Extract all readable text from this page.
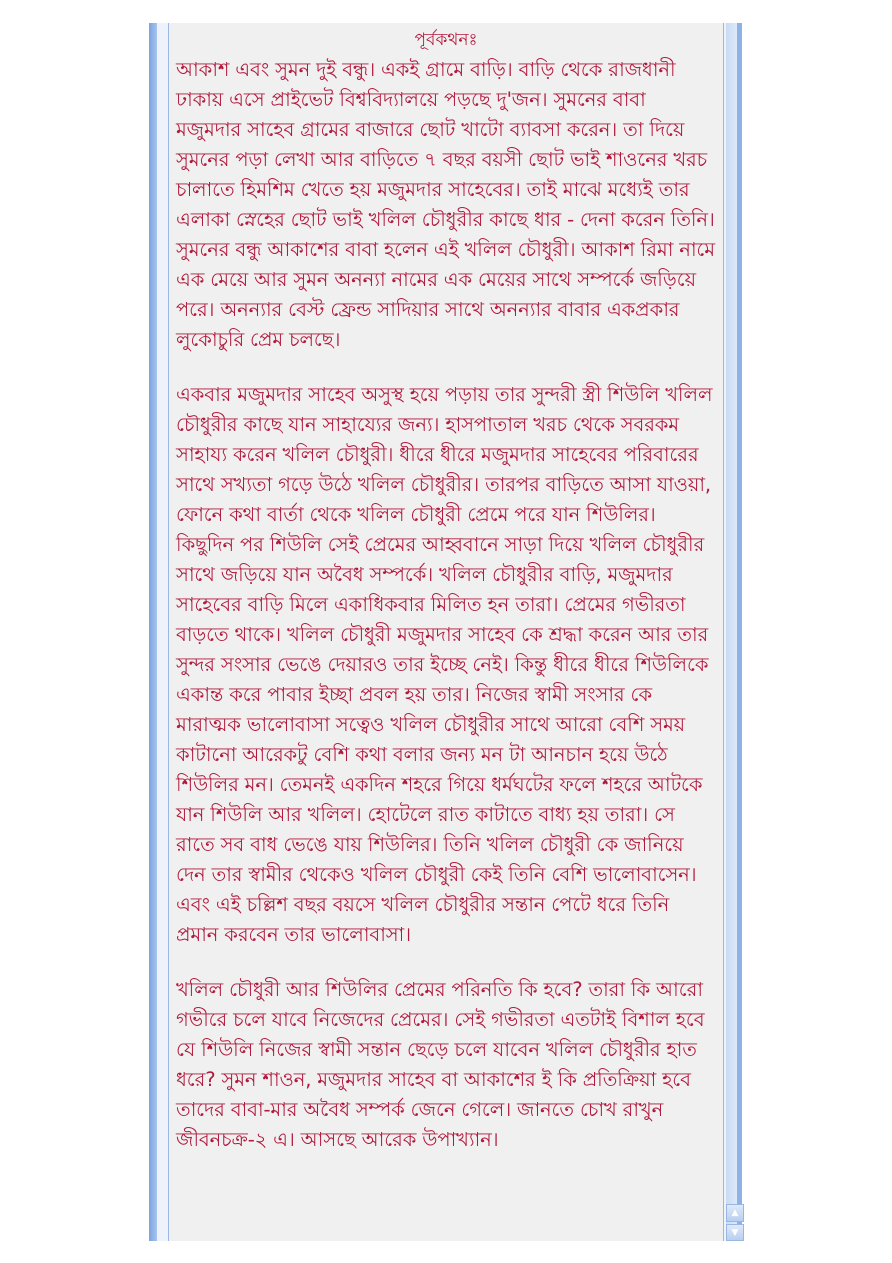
পূর্বকথনঃ

আকাশ এবং সুমন দুই বন্ধু। একই গ্রামে বাড়ি। বাড়ি থেকে রাজধানী ঢাকায় এসে প্রাইভেট বিশ্ববিদ্যালয়ে পড়ছে দু'জন। সুমনের বাবা মজুমদার সাহেব গ্রামের বাজারে ছোট খাটো ব্যাবসা করেন। তা দিয়ে সুমনের পড়া লেখা আর বাড়িতে ৭ বছর বয়সী ছোট ভাই শাওনের খরচ চালাতে হিমশিম খেতে হয় মজুমদার সাহেবের। তাই মাঝে মধ্যেই তার এলাকা স্নেহের ছোট ভাই খলিল চৌধুরীর কাছে ধার - দেনা করেন তিনি। সুমনের বন্ধু আকাশের বাবা হলেন এই খলিল চৌধুরী। আকাশ রিমা নামে এক মেয়ে আর সুমন অনন্যা নামের এক মেয়ের সাথে সম্পর্কে জড়িয়ে পরে। অনন্যার বেস্ট ফ্রেন্ড সাদিয়ার সাথে অনন্যার বাবার একপ্রকার লুকোচুরি প্রেম চলছে।

একবার মজুমদার সাহেব অসুস্থ হয়ে পড়ায় তার সুন্দরী স্ত্রী শিউলি খলিল চৌধুরীর কাছে যান সাহায্যের জন্য। হাসপাতাল খরচ থেকে সবরকম সাহায্য করেন খলিল চৌধুরী। ধীরে ধীরে মজুমদার সাহেবের পরিবারের সাথে সখ্যতা গড়ে উঠে খলিল চৌধুরীর। তারপর বাড়িতে আসা যাওয়া, ফোনে কথা বার্তা থেকে খলিল চৌধুরী প্রেমে পরে যান শিউলির। কিছুদিন পর শিউলি সেই প্রেমের আহ্ববানে সাড়া দিয়ে খলিল চৌধুরীর সাথে জড়িয়ে যান অবৈধ সম্পর্কে। খলিল চৌধুরীর বাড়ি, মজুমদার সাহেবের বাড়ি মিলে একাধিকবার মিলিত হন তারা। প্রেমের গভীরতা বাড়তে থাকে। খলিল চৌধুরী মজুমদার সাহেব কে শ্রদ্ধা করেন আর তার সুন্দর সংসার ভেঙে দেয়ারও তার ইচ্ছে নেই। কিন্তু ধীরে ধীরে শিউলিকে একান্ত করে পাবার ইচ্ছা প্রবল হয় তার। নিজের স্বামী সংসার কে মারাত্মক ভালোবাসা সত্বেও খলিল চৌধুরীর সাথে আরো বেশি সময় কাটানো আরেকটু বেশি কথা বলার জন্য মন টা আনচান হয়ে উঠে শিউলির মন। তেমনই একদিন শহরে গিয়ে ধর্মঘটের ফলে শহরে আটকে যান শিউলি আর খলিল। হোটেলে রাত কাটাতে বাধ্য হয় তারা। সে রাতে সব বাধ ভেঙে যায় শিউলির। তিনি খলিল চৌধুরী কে জানিয়ে দেন তার স্বামীর থেকেও খলিল চৌধুরী কেই তিনি বেশি ভালোবাসেন। এবং এই চল্লিশ বছর বয়সে খলিল চৌধুরীর সন্তান পেটে ধরে তিনি প্রমান করবেন তার ভালোবাসা।

খলিল চৌধুরী আর শিউলির প্রেমের পরিনতি কি হবে? তারা কি আরো গভীরে চলে যাবে নিজেদের প্রেমের। সেই গভীরতা এতটাই বিশাল হবে যে শিউলি নিজের স্বামী সন্তান ছেড়ে চলে যাবেন খলিল চৌধুরীর হাত ধরে? সুমন শাওন, মজুমদার সাহেব বা আকাশের ই কি প্রতিক্রিয়া হবে তাদের বাবা-মার অবৈধ সম্পর্ক জেনে গেলে। জানতে চোখ রাখুন জীবনচক্র-২ এ। আসছে আরেক উপাখ্যান।

▲
▼
